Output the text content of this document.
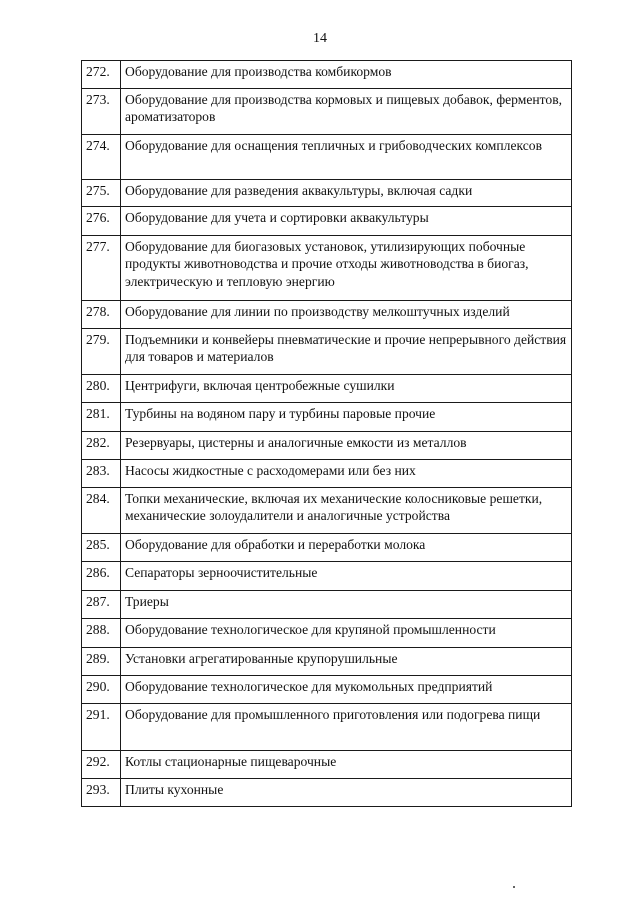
14
272.	Оборудование для производства комбикормов
273.	Оборудование для производства кормовых и пищевых добавок, ферментов, ароматизаторов
274.	Оборудование для оснащения тепличных и грибоводческих комплексов
275.	Оборудование для разведения аквакультуры, включая садки
276.	Оборудование для учета и сортировки аквакультуры
277.	Оборудование для биогазовых установок, утилизирующих побочные продукты животноводства и прочие отходы животноводства в биогаз, электрическую и тепловую энергию
278.	Оборудование для линии по производству мелкоштучных изделий
279.	Подъемники и конвейеры пневматические и прочие непрерывного действия для товаров и материалов
280.	Центрифуги, включая центробежные сушилки
281.	Турбины на водяном пару и турбины паровые прочие
282.	Резервуары, цистерны и аналогичные емкости из металлов
283.	Насосы жидкостные с расходомерами или без них
284.	Топки механические, включая их механические колосниковые решетки, механические золоудалители и аналогичные устройства
285.	Оборудование для обработки и переработки молока
286.	Сепараторы зерноочистительные
287.	Триеры
288.	Оборудование технологическое для крупяной промышленности
289.	Установки агрегатированные крупорушильные
290.	Оборудование технологическое для мукомольных предприятий
291.	Оборудование для промышленного приготовления или подогрева пищи
292.	Котлы стационарные пищеварочные
293.	Плиты кухонные
